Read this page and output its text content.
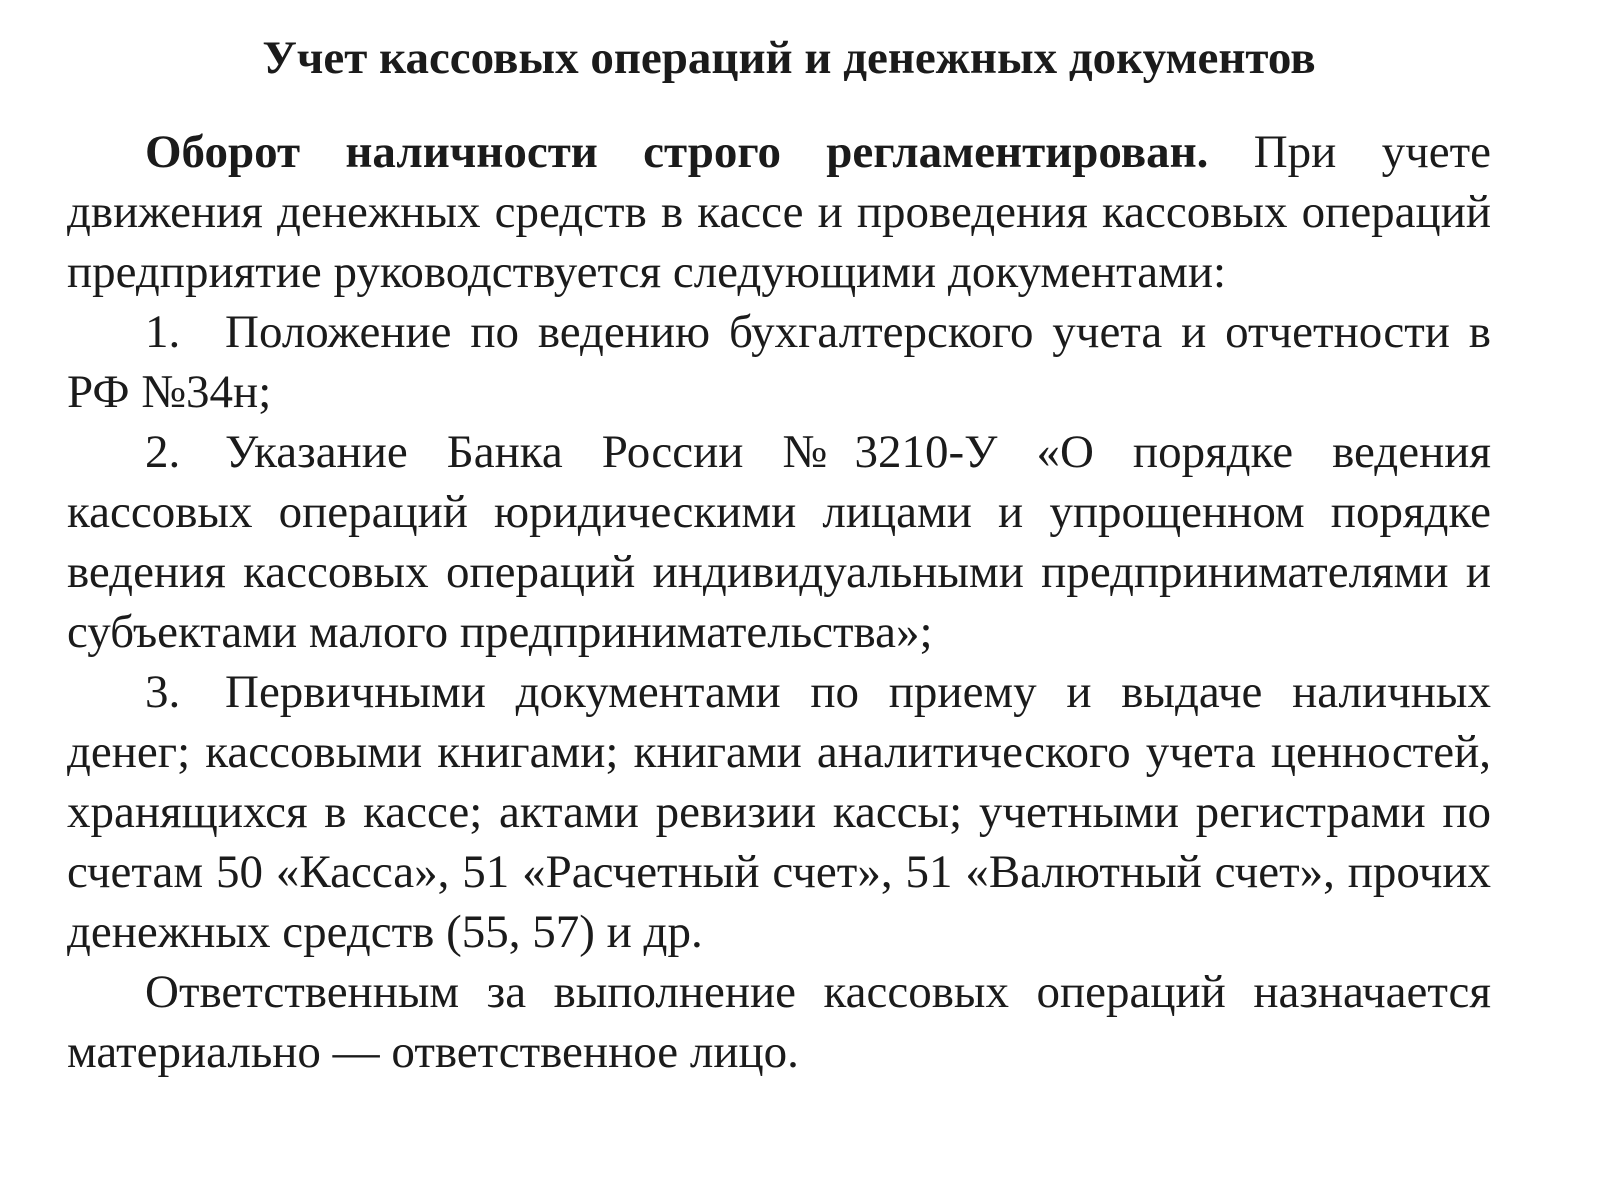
Учет кассовых операций и денежных документов

Оборот наличности строго регламентирован. При учете движения денежных средств в кассе и проведения кассовых операций предприятие руководствуется следующими документами:

1. Положение по ведению бухгалтерского учета и отчетности в РФ №34н;

2. Указание Банка России №3210-У «О порядке ведения кассовых операций юридическими лицами и упрощенном порядке ведения кассовых операций индивидуальными предпринимателями и субъектами малого предпринимательства»;

3. Первичными документами по приему и выдаче наличных денег; кассовыми книгами; книгами аналитического учета ценностей, хранящихся в кассе; актами ревизии кассы; учетными регистрами по счетам 50 «Касса», 51 «Расчетный счет», 51 «Валютный счет», прочих денежных средств (55, 57) и др.

Ответственным за выполнение кассовых операций назначается материально — ответственное лицо.
